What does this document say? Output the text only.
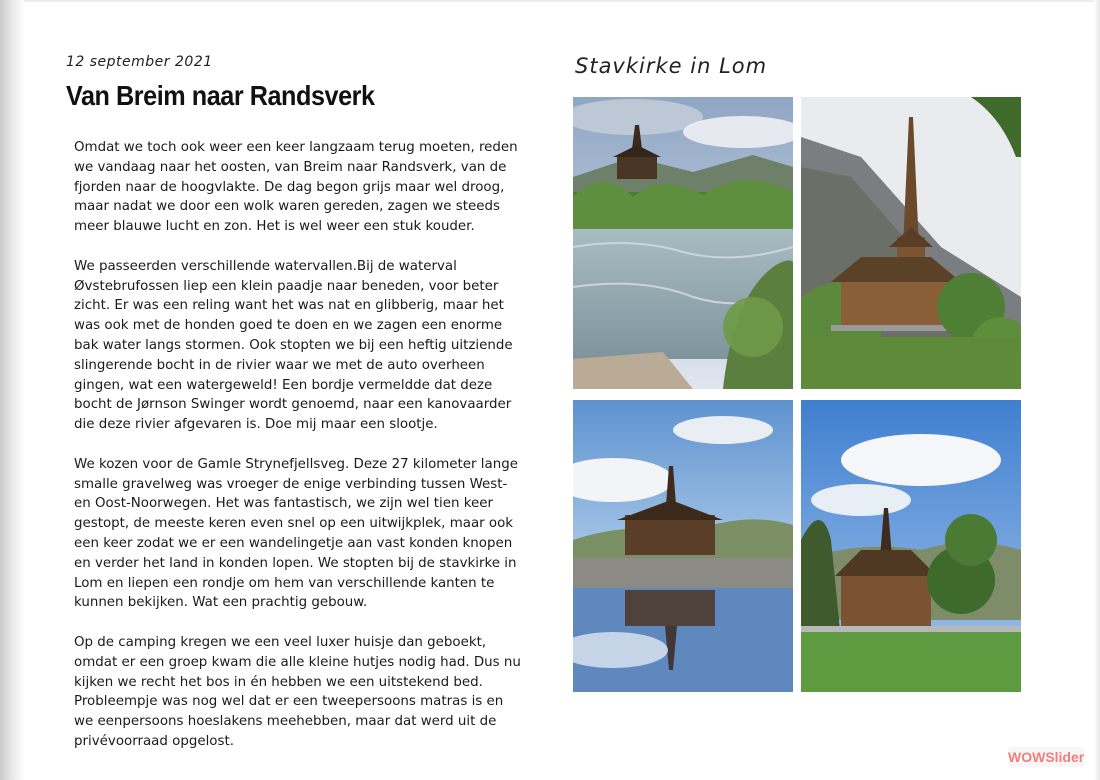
12 september 2021
Van Breim naar Randsverk

Omdat we toch ook weer een keer langzaam terug moeten, reden we vandaag naar het oosten, van Breim naar Randsverk, van de fjorden naar de hoogvlakte. De dag begon grijs maar wel droog, maar nadat we door een wolk waren gereden, zagen we steeds meer blauwe lucht en zon. Het is wel weer een stuk kouder.

We passeerden verschillende watervallen.Bij de waterval Øvstebrufossen liep een klein paadje naar beneden, voor beter zicht. Er was een reling want het was nat en glibberig, maar het was ook met de honden goed te doen en we zagen een enorme bak water langs stormen. Ook stopten we bij een heftig uitziende slingerende bocht in de rivier waar we met de auto overheen gingen, wat een watergeweld! Een bordje vermeldde dat deze bocht de Jørnson Swinger wordt genoemd, naar een kanovaarder die deze rivier afgevaren is. Doe mij maar een slootje.

We kozen voor de Gamle Strynefjellsveg. Deze 27 kilometer lange smalle gravelweg was vroeger de enige verbinding tussen West- en Oost-Noorwegen. Het was fantastisch, we zijn wel tien keer gestopt, de meeste keren even snel op een uitwijkplek, maar ook een keer zodat we er een wandelingetje aan vast konden knopen en verder het land in konden lopen. We stopten bij de stavkirke in Lom en liepen een rondje om hem van verschillende kanten te kunnen bekijken. Wat een prachtig gebouw.

Op de camping kregen we een veel luxer huisje dan geboekt, omdat er een groep kwam die alle kleine hutjes nodig had. Dus nu kijken we recht het bos in én hebben we een uitstekend bed. Probleempje was nog wel dat er een tweepersoons matras is en we eenpersoons hoeslakens meehebben, maar dat werd uit de privévoorraad opgelost.

Stavkirke in Lom
WOWSlider
